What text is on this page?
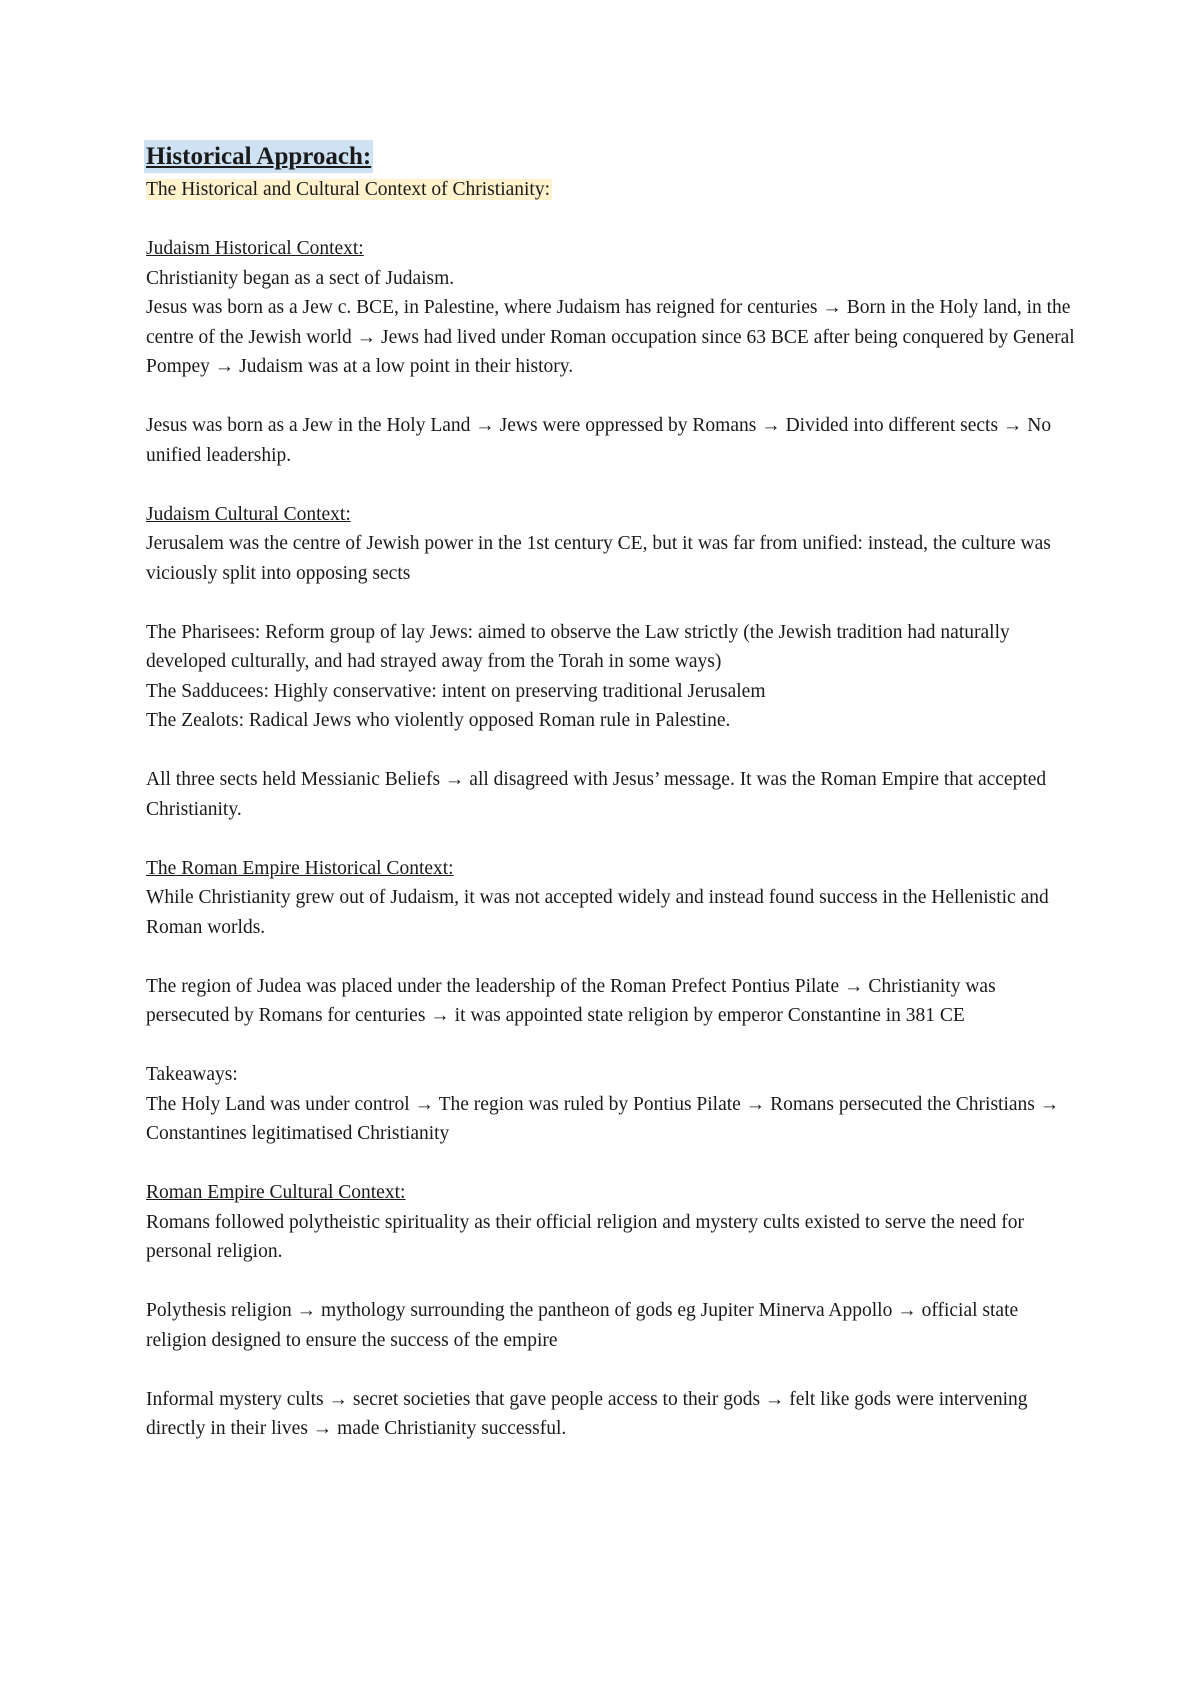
Historical Approach:

The Historical and Cultural Context of Christianity:

Judaism Historical Context:

Christianity began as a sect of Judaism.

Jesus was born as a Jew c. BCE, in Palestine, where Judaism has reigned for centuries → Born in the Holy land, in the centre of the Jewish world → Jews had lived under Roman occupation since 63 BCE after being conquered by General Pompey → Judaism was at a low point in their history.

Jesus was born as a Jew in the Holy Land → Jews were oppressed by Romans → Divided into different sects → No unified leadership.

Judaism Cultural Context:

Jerusalem was the centre of Jewish power in the 1st century CE, but it was far from unified: instead, the culture was viciously split into opposing sects

The Pharisees: Reform group of lay Jews: aimed to observe the Law strictly (the Jewish tradition had naturally developed culturally, and had strayed away from the Torah in some ways)

The Sadducees: Highly conservative: intent on preserving traditional Jerusalem

The Zealots: Radical Jews who violently opposed Roman rule in Palestine.

All three sects held Messianic Beliefs → all disagreed with Jesus’ message. It was the Roman Empire that accepted Christianity.

The Roman Empire Historical Context:

While Christianity grew out of Judaism, it was not accepted widely and instead found success in the Hellenistic and Roman worlds.

The region of Judea was placed under the leadership of the Roman Prefect Pontius Pilate → Christianity was persecuted by Romans for centuries → it was appointed state religion by emperor Constantine in 381 CE

Takeaways:

The Holy Land was under control → The region was ruled by Pontius Pilate → Romans persecuted the Christians → Constantines legitimatised Christianity

Roman Empire Cultural Context:

Romans followed polytheistic spirituality as their official religion and mystery cults existed to serve the need for personal religion.

Polythesis religion → mythology surrounding the pantheon of gods eg Jupiter Minerva Appollo → official state religion designed to ensure the success of the empire

Informal mystery cults → secret societies that gave people access to their gods → felt like gods were intervening directly in their lives → made Christianity successful.
